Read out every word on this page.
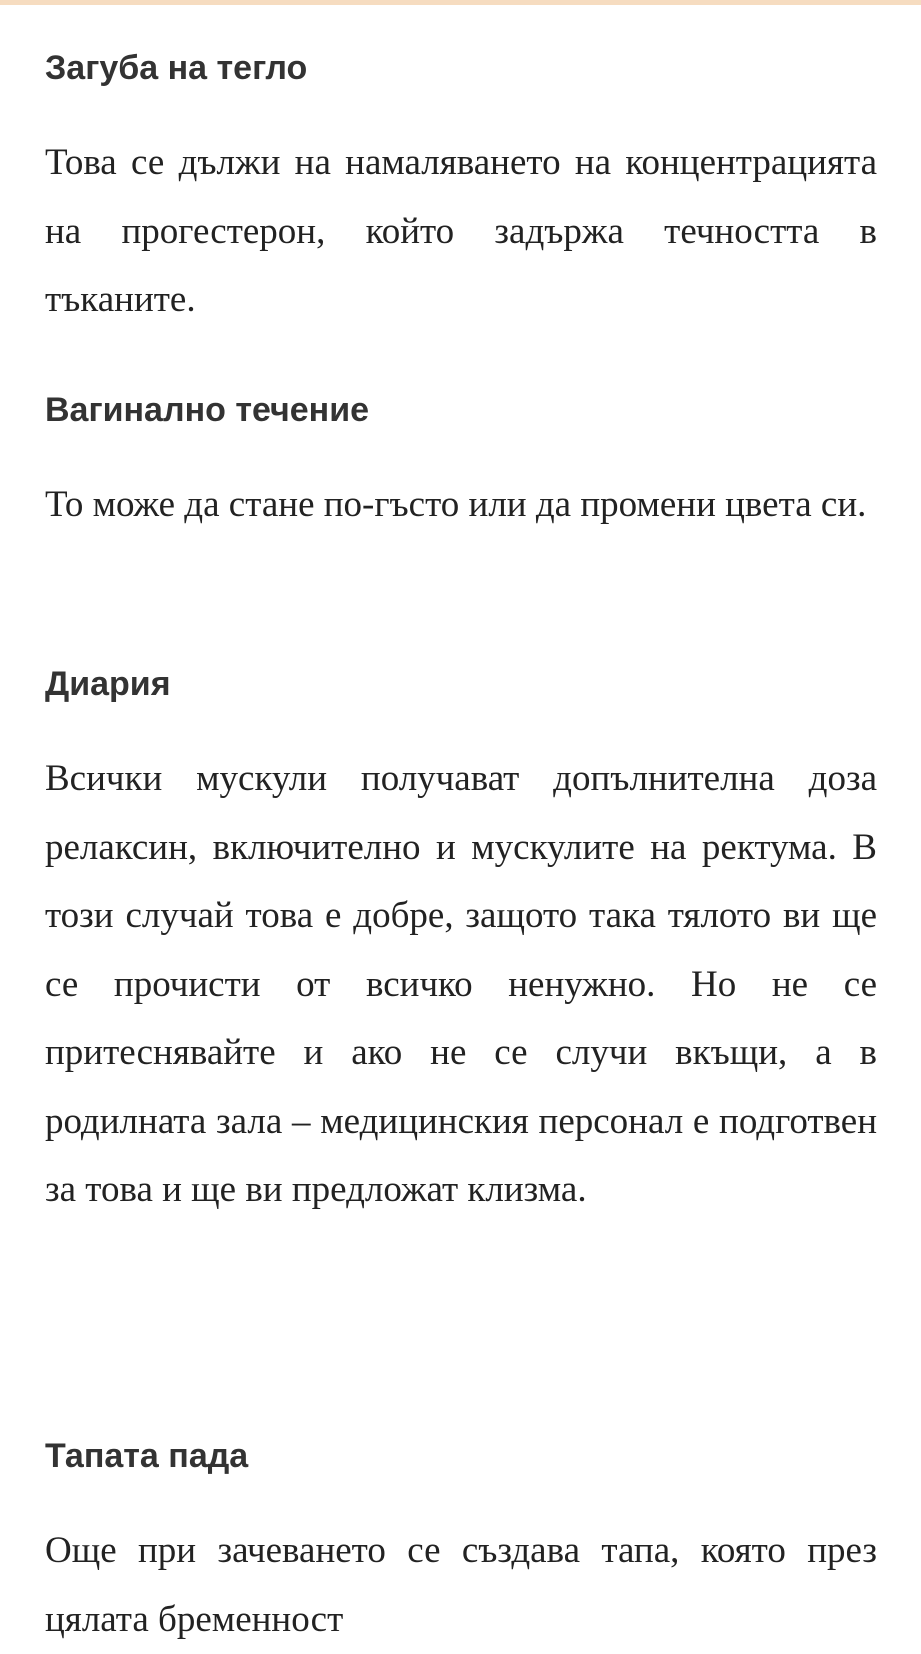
Загуба на тегло

Това се дължи на намаляването на концентрацията на прогестерон, който задържа течността в тъканите.

Вагинално течение

То може да стане по-гъсто или да промени цвета си.

Диария

Всички мускули получават допълнителна доза релаксин, включително и мускулите на ректума. В този случай това е добре, защото така тялото ви ще се прочисти от всичко ненужно. Но не се притеснявайте и ако не се случи вкъщи, а в родилната зала – медицинския персонал е подготвен за това и ще ви предложат клизма.

Тапата пада

Още при зачеването се създава тапа, която през цялата бременност
